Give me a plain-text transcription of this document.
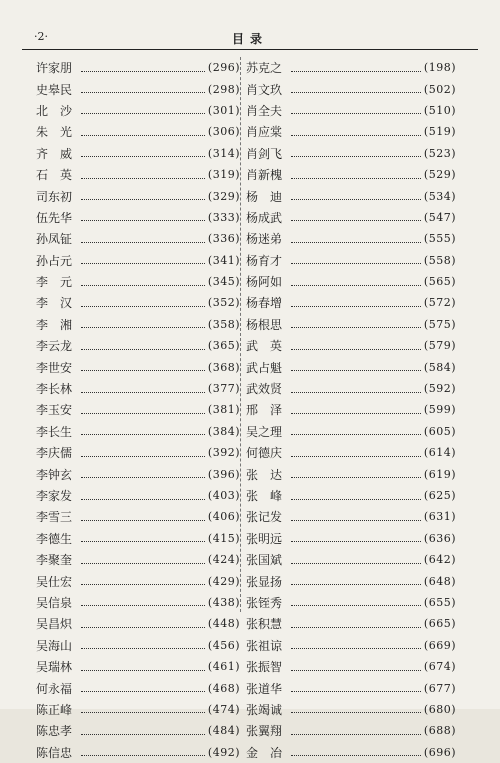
·2·	目录
许家朋	(296)
史皋民	(298)
北　沙	(301)
朱　光	(306)
齐　威	(314)
石　英	(319)
司东初	(329)
伍先华	(333)
孙凤钲	(336)
孙占元	(341)
李　元	(345)
李　汉	(352)
李　湘	(358)
李云龙	(365)
李世安	(368)
李长林	(377)
李玉安	(381)
李长生	(384)
李庆儒	(392)
李钟玄	(396)
李家发	(403)
李雪三	(406)
李德生	(415)
李聚奎	(424)
吴仕宏	(429)
吴信泉	(438)
吴昌炽	(448)
吴海山	(456)
吴瑞林	(461)
何永福	(468)
陈正峰	(474)
陈忠孝	(484)
陈信忠	(492)
苏克之	(198)
肖文玖	(502)
肖全夫	(510)
肖应棠	(519)
肖剑飞	(523)
肖新槐	(529)
杨　迪	(534)
杨成武	(547)
杨迷弟	(555)
杨育才	(558)
杨阿如	(565)
杨春增	(572)
杨根思	(575)
武　英	(579)
武占魁	(584)
武效贤	(592)
邢　泽	(599)
吴之理	(605)
何德庆	(614)
张　达	(619)
张　峰	(625)
张记发	(631)
张明远	(636)
张国斌	(642)
张显扬	(648)
张铚秀	(655)
张积慧	(665)
张祖谅	(669)
张振智	(674)
张道华	(677)
张竭诚	(680)
张翼翔	(688)
金　冶	(696)
